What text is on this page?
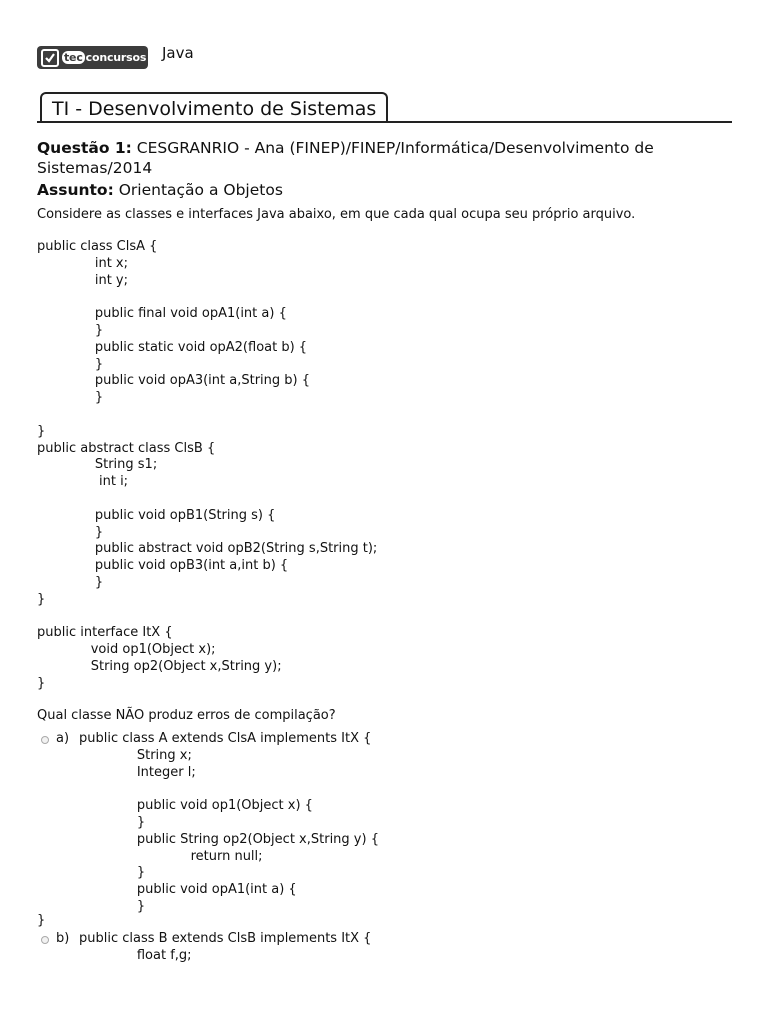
tec concursos Java
TI - Desenvolvimento de Sistemas
Questão 1: CESGRANRIO - Ana (FINEP)/FINEP/Informática/Desenvolvimento de Sistemas/2014
Assunto: Orientação a Objetos
Considere as classes e interfaces Java abaixo, em que cada qual ocupa seu próprio arquivo.
public class ClsA {
int x;
int y;

public final void opA1(int a) {
}
public static void opA2(float b) {
}
public void opA3(int a,String b) {
}

}
public abstract class ClsB {
String s1;
int i;

public void opB1(String s) {
}
public abstract void opB2(String s,String t);
public void opB3(int a,int b) {
}
}

public interface ItX {
void op1(Object x);
String op2(Object x,String y);
}
Qual classe NÃO produz erros de compilação?
a) public class A extends ClsA implements ItX {
String x;
Integer l;

public void op1(Object x) {
}
public String op2(Object x,String y) {
return null;
}
public void opA1(int a) {
}
}
b) public class B extends ClsB implements ItX {
float f,g;
